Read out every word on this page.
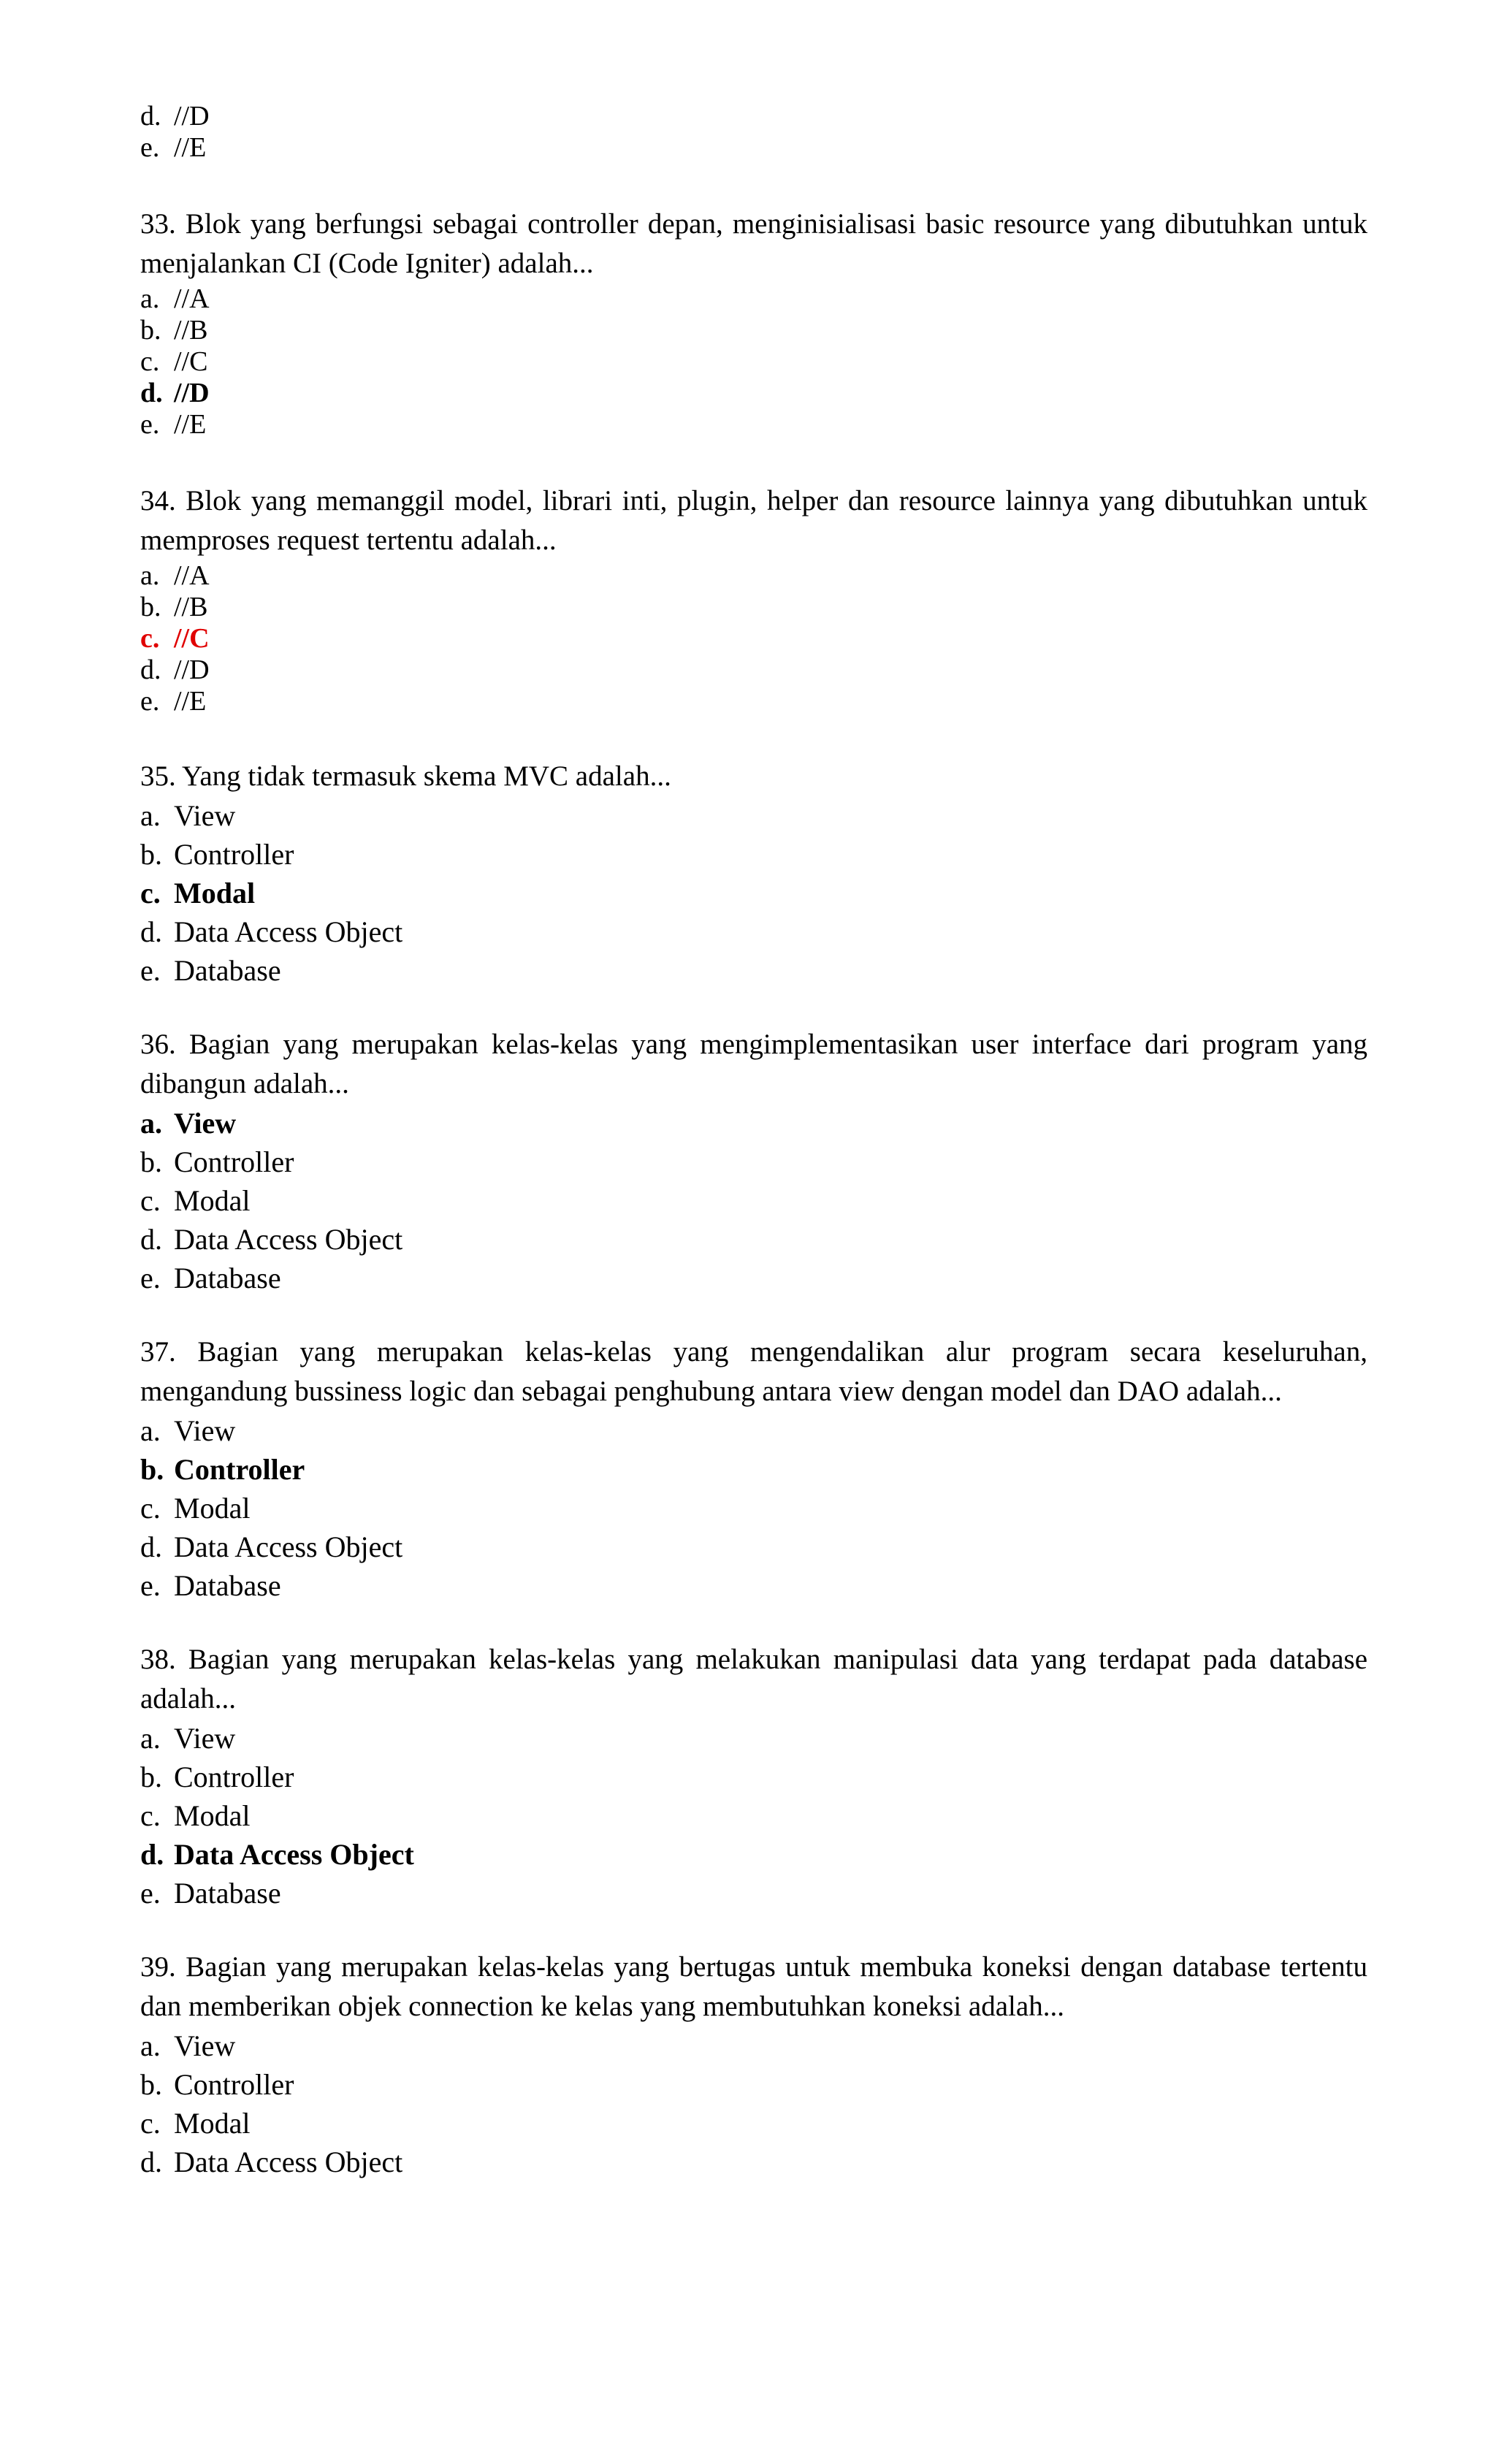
d. //D
e. //E

33. Blok yang berfungsi sebagai controller depan, menginisialisasi basic resource yang dibutuhkan untuk menjalankan CI (Code Igniter) adalah...

a. //A
b. //B
c. //C
d. //D
e. //E

34. Blok yang memanggil model, librari inti, plugin, helper dan resource lainnya yang dibutuhkan untuk memproses request tertentu adalah...

a. //A
b. //B
c. //C
d. //D
e. //E

35. Yang tidak termasuk skema MVC adalah...

a. View
b. Controller
c. Modal
d. Data Access Object
e. Database

36. Bagian yang merupakan kelas-kelas yang mengimplementasikan user interface dari program yang dibangun adalah...

a. View
b. Controller
c. Modal
d. Data Access Object
e. Database

37. Bagian yang merupakan kelas-kelas yang mengendalikan alur program secara keseluruhan, mengandung bussiness logic dan sebagai penghubung antara view dengan model dan DAO adalah...

a. View
b. Controller
c. Modal
d. Data Access Object
e. Database

38. Bagian yang merupakan kelas-kelas yang melakukan manipulasi data yang terdapat pada database adalah...

a. View
b. Controller
c. Modal
d. Data Access Object
e. Database

39. Bagian yang merupakan kelas-kelas yang bertugas untuk membuka koneksi dengan database tertentu dan memberikan objek connection ke kelas yang membutuhkan koneksi adalah...

a. View
b. Controller
c. Modal
d. Data Access Object
